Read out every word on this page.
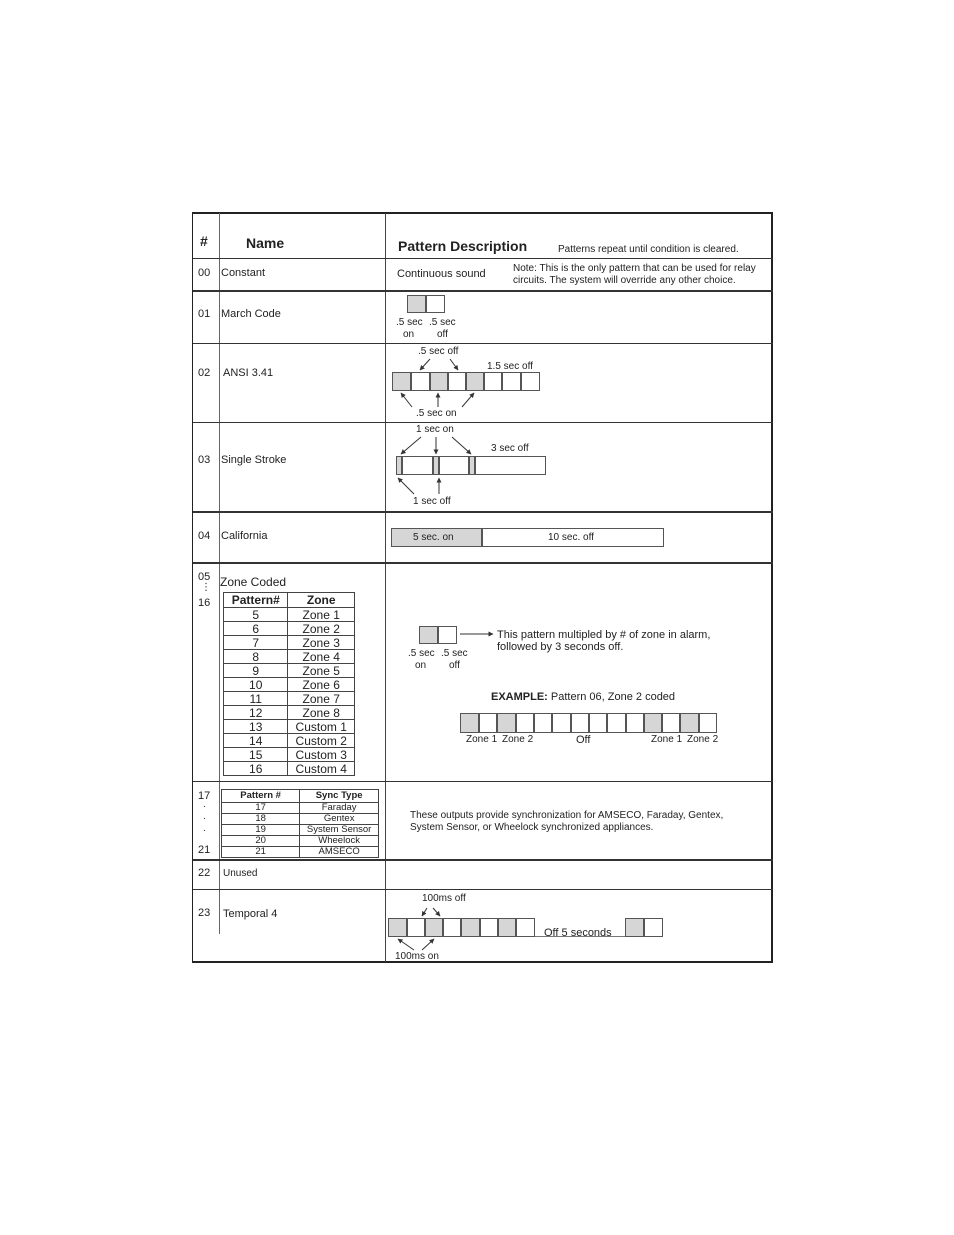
#	Name	Pattern Description	Patterns repeat until condition is cleared.
00 Constant	Continuous sound	Note: This is the only pattern that can be used for relay
circuits. The system will override any other choice.
01 March Code
.5 sec
on
.5 sec
off
02 ANSI 3.41
.5 sec off
1.5 sec off
.5 sec on
03 Single Stroke
1 sec on
3 sec off
1 sec off
04 California	5 sec. on	10 sec. off
05
⋮
16
Zone Coded
Pattern#	Zone
5	Zone 1
6	Zone 2
7	Zone 3
8	Zone 4
9	Zone 5
10	Zone 6
11	Zone 7
12	Zone 8
13	Custom 1
14	Custom 2
15	Custom 3
16	Custom 4
.5 sec
on
.5 sec
off
This pattern multipled by # of zone in alarm,
followed by 3 seconds off.
EXAMPLE: Pattern 06, Zone 2 coded
Zone 1 Zone 2	Off	Zone 1 Zone 2
17
.
.
.
21
Pattern #	Sync Type
17	Faraday
18	Gentex
19	System Sensor
20	Wheelock
21	AMSECO
These outputs provide synchronization for AMSECO, Faraday, Gentex,
System Sensor, or Wheelock synchronized appliances.
22 Unused
23 Temporal 4
100ms off
Off 5 seconds
100ms on
